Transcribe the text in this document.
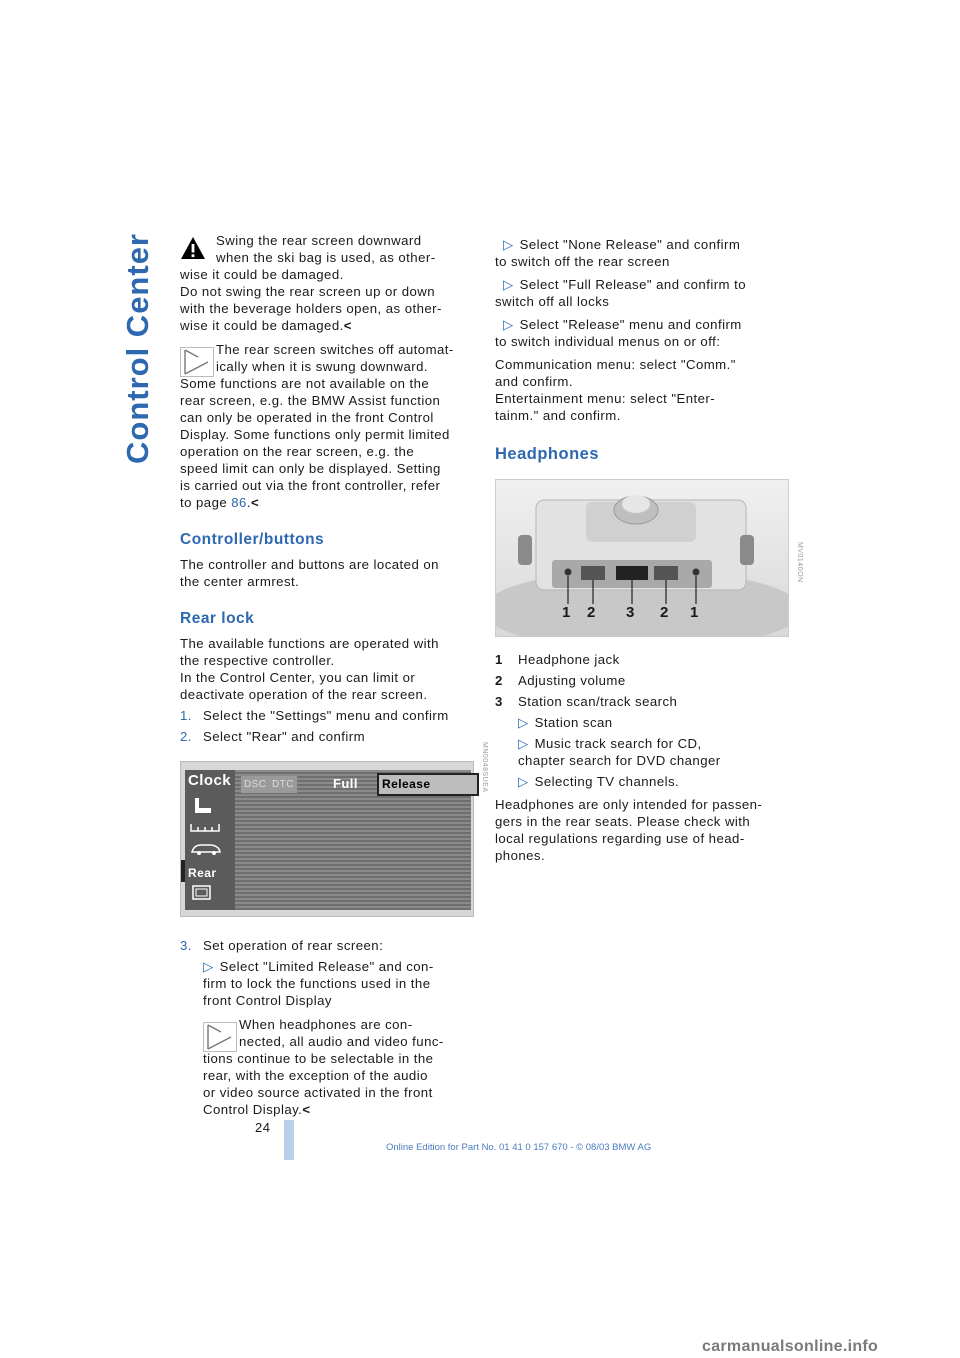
Control Center	Swing the rear screen downward

when the ski bag is used, as other-

wise it could be damaged.

Do not swing the rear screen up or down

with the beverage holders open, as other-

wise it could be damaged.<

The rear screen switches off automat-

ically when it is swung downward.

Some functions are not available on the

rear screen, e.g. the BMW Assist function

can only be operated in the front Control

Display. Some functions only permit limited

operation on the rear screen, e.g. the

speed limit can only be displayed. Setting

is carried out via the front controller, refer

to page 86.<

Controller/buttons

The controller and buttons are located on

the center armrest.

Rear lock

The available functions are operated with

the respective controller.

In the Control Center, you can limit or

deactivate operation of the rear screen.

1. Select the "Settings" menu and confirm
2. Select "Rear" and confirm
Clock
Rear
DSC DTC	Full	Release	MN0048SUEA
3. Set operation of rear screen:

▷ Select "Limited Release" and con-

firm to lock the functions used in the

front Control Display

When headphones are con-

nected, all audio and video func-

tions continue to be selectable in the

rear, with the exception of the audio

or video source activated in the front

Control Display.<

▷ Select "None Release" and confirm

to switch off the rear screen

▷ Select "Full Release" and confirm to

switch off all locks

▷ Select "Release" menu and confirm

to switch individual menus on or off:

Communication menu: select "Comm."

and confirm.

Entertainment menu: select "Enter-

tainm." and confirm.

Headphones
1 2 3 2 1
MV0140ON
1 Headphone jack
2 Adjusting volume
3 Station scan/track search

▷ Station scan

▷ Music track search for CD,

chapter search for DVD changer

▷ Selecting TV channels.

Headphones are only intended for passen-

gers in the rear seats. Please check with

local regulations regarding use of head-

phones.

24
Online Edition for Part No. 01 41 0 157 670 - © 08/03 BMW AG
carmanualsonline.info
